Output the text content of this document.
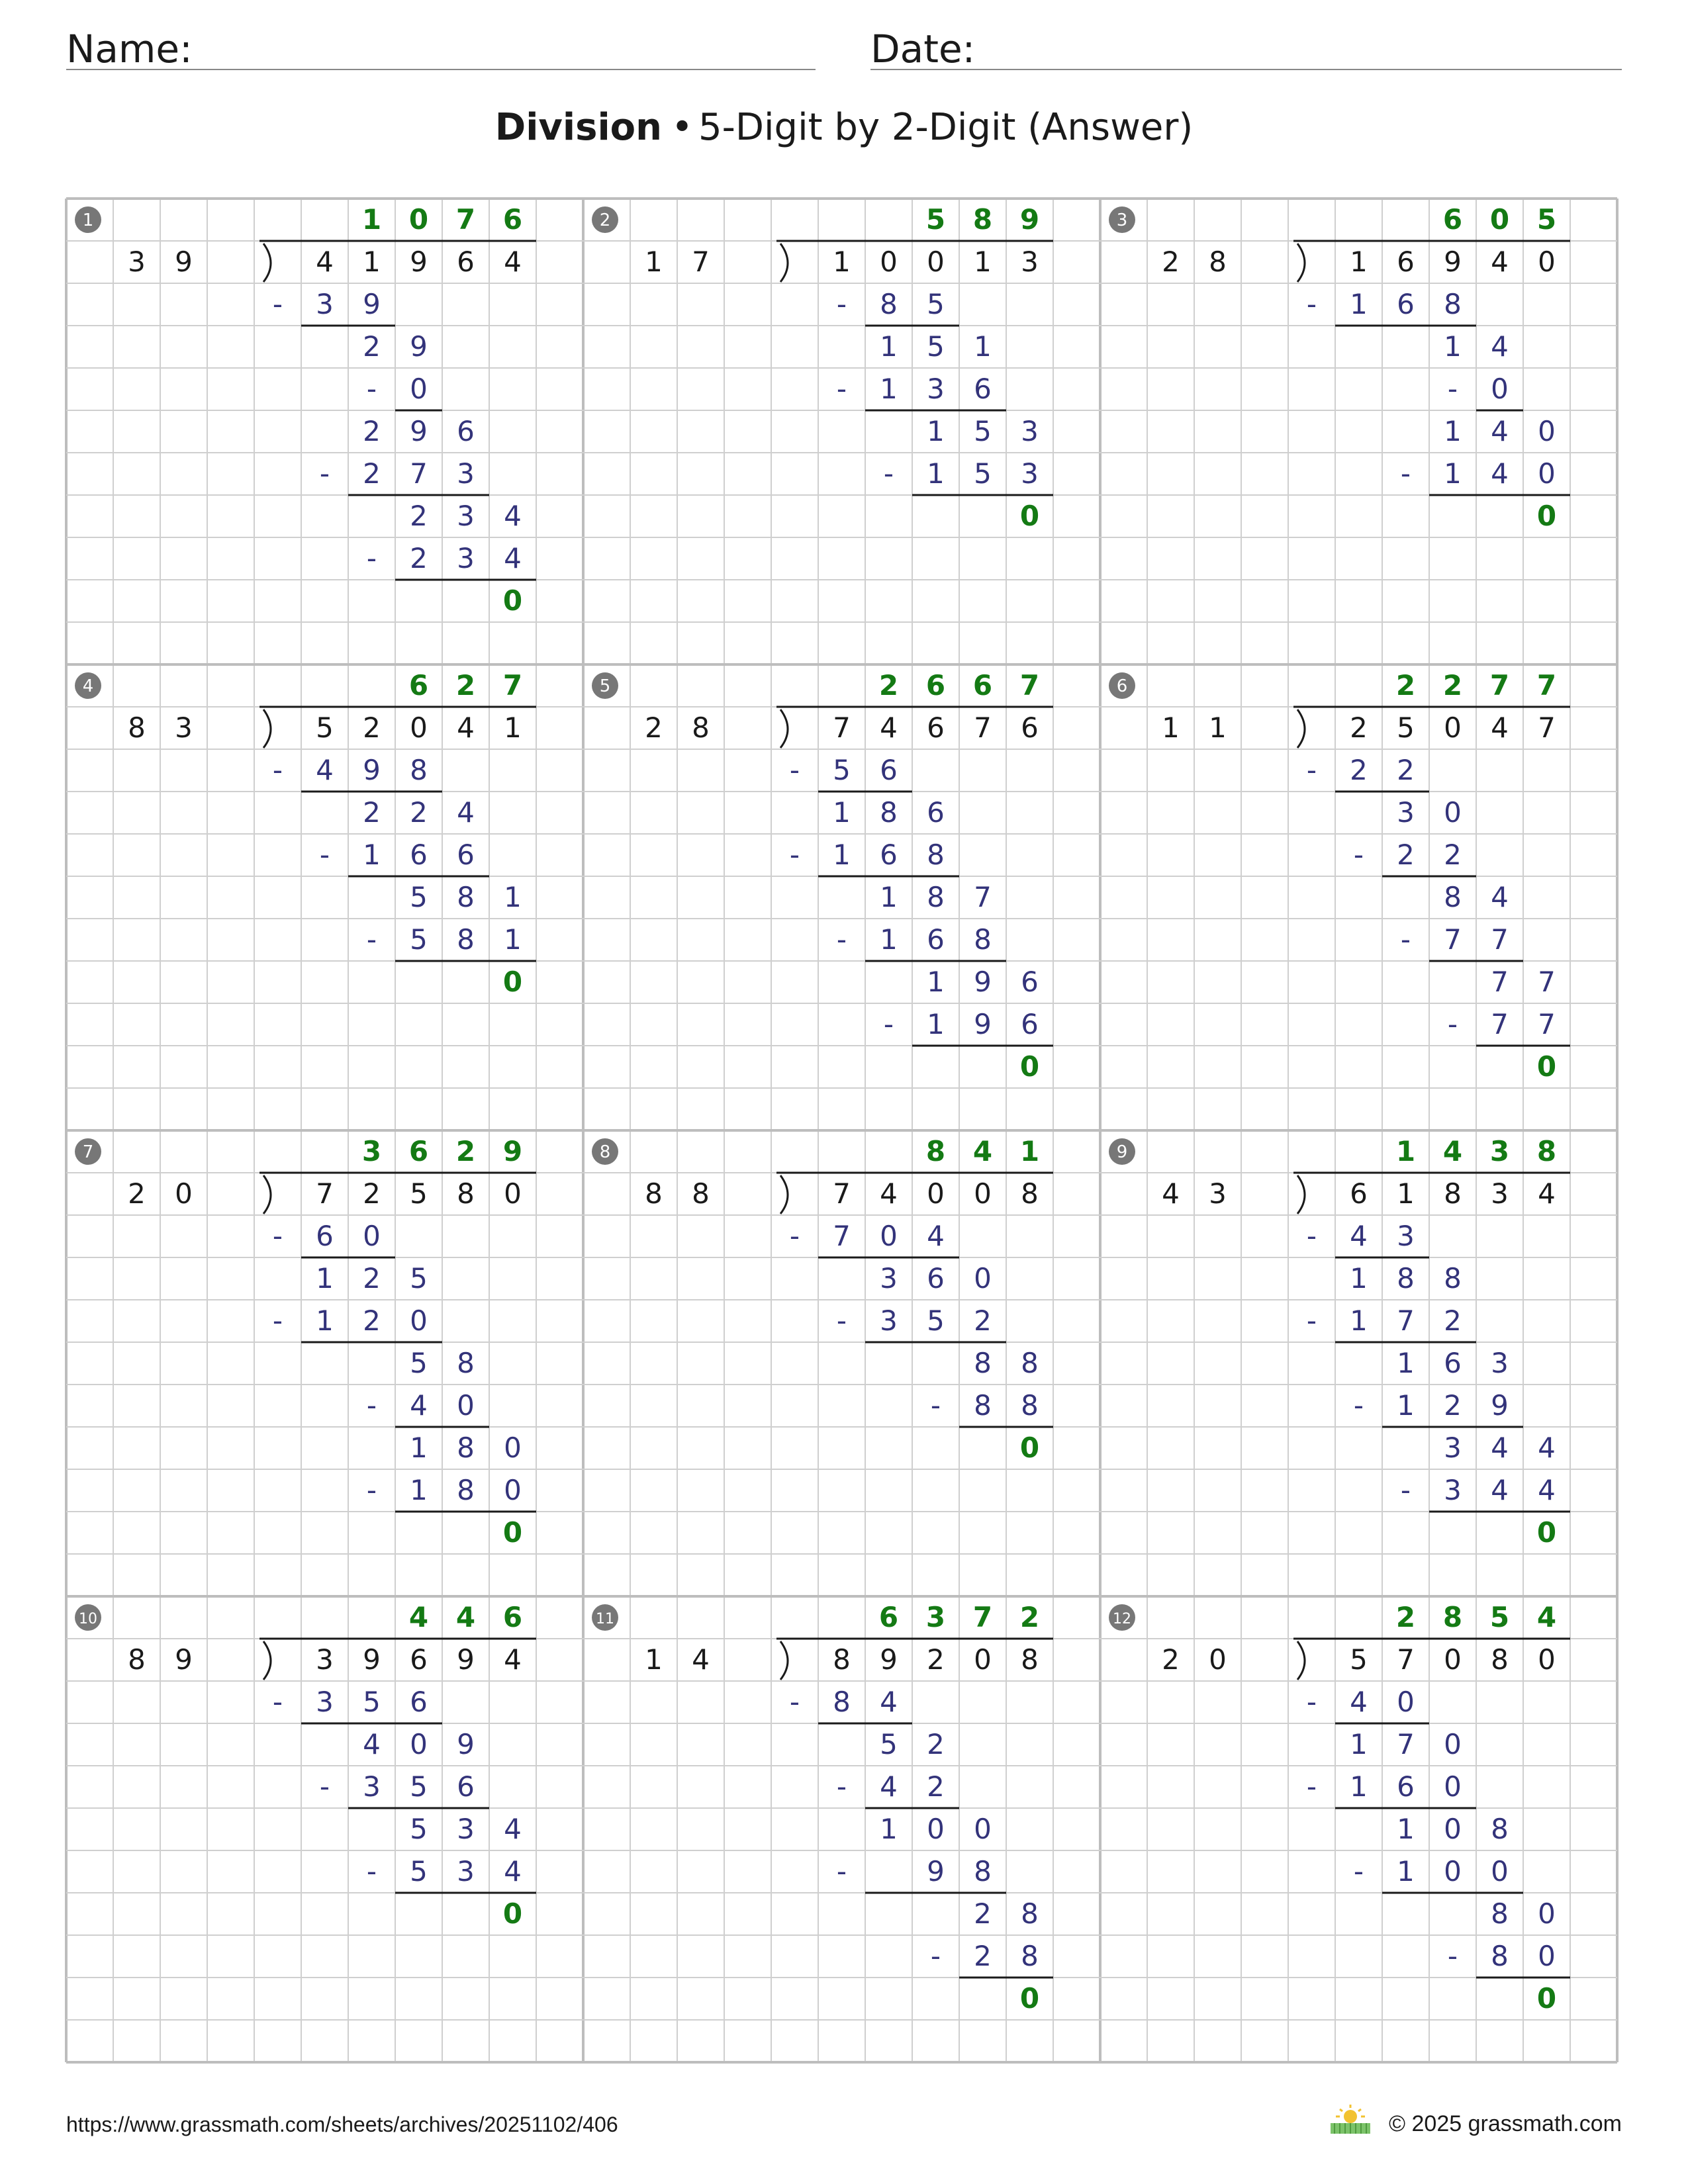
Name:	Date:
Division • 5-Digit by 2-Digit (Answer)
1
3 9	4 1 9 6 4
1 0 7 6
- 3 9
2 9
- 0
2 9 6
- 2 7 3
2 3 4
- 2 3 4
0
2
1 7	1 0 0 1 3
5 8 9
- 8 5
1 5 1
- 1 3 6
1 5 3
- 1 5 3
0
3
2 8	1 6 9 4 0
6 0 5
- 1 6 8
1 4
- 0
1 4 0
- 1 4 0
0
4
8 3	5 2 0 4 1
6 2 7
- 4 9 8
2 2 4
- 1 6 6
5 8 1
- 5 8 1
0
5
2 8	7 4 6 7 6
2 6 6 7
- 5 6
1 8 6
- 1 6 8
1 8 7
- 1 6 8
1 9 6
- 1 9 6
0
6
1 1	2 5 0 4 7
2 2 7 7
- 2 2
3 0
- 2 2
8 4
- 7 7
7 7
- 7 7
0
7
2 0	7 2 5 8 0
3 6 2 9
- 6 0
1 2 5
- 1 2 0
5 8
- 4 0
1 8 0
- 1 8 0
0
8
8 8	7 4 0 0 8
8 4 1
- 7 0 4
3 6 0
- 3 5 2
8 8
- 8 8
0
9
4 3	6 1 8 3 4
1 4 3 8
- 4 3
1 8 8
- 1 7 2
1 6 3
- 1 2 9
3 4 4
- 3 4 4
0
10
8 9	3 9 6 9 4
4 4 6
- 3 5 6
4 0 9
- 3 5 6
5 3 4
- 5 3 4
0
11
1 4	8 9 2 0 8
6 3 7 2
- 8 4
5 2
- 4 2
1 0 0
-	9 8
2 8
- 2 8
0
12
2 0	5 7 0 8 0
2 8 5 4
- 4 0
1 7 0
- 1 6 0
1 0 8
- 1 0 0
8 0
- 8 0
0
https://www.grassmath.com/sheets/archives/20251102/406	© 2025 grassmath.com
